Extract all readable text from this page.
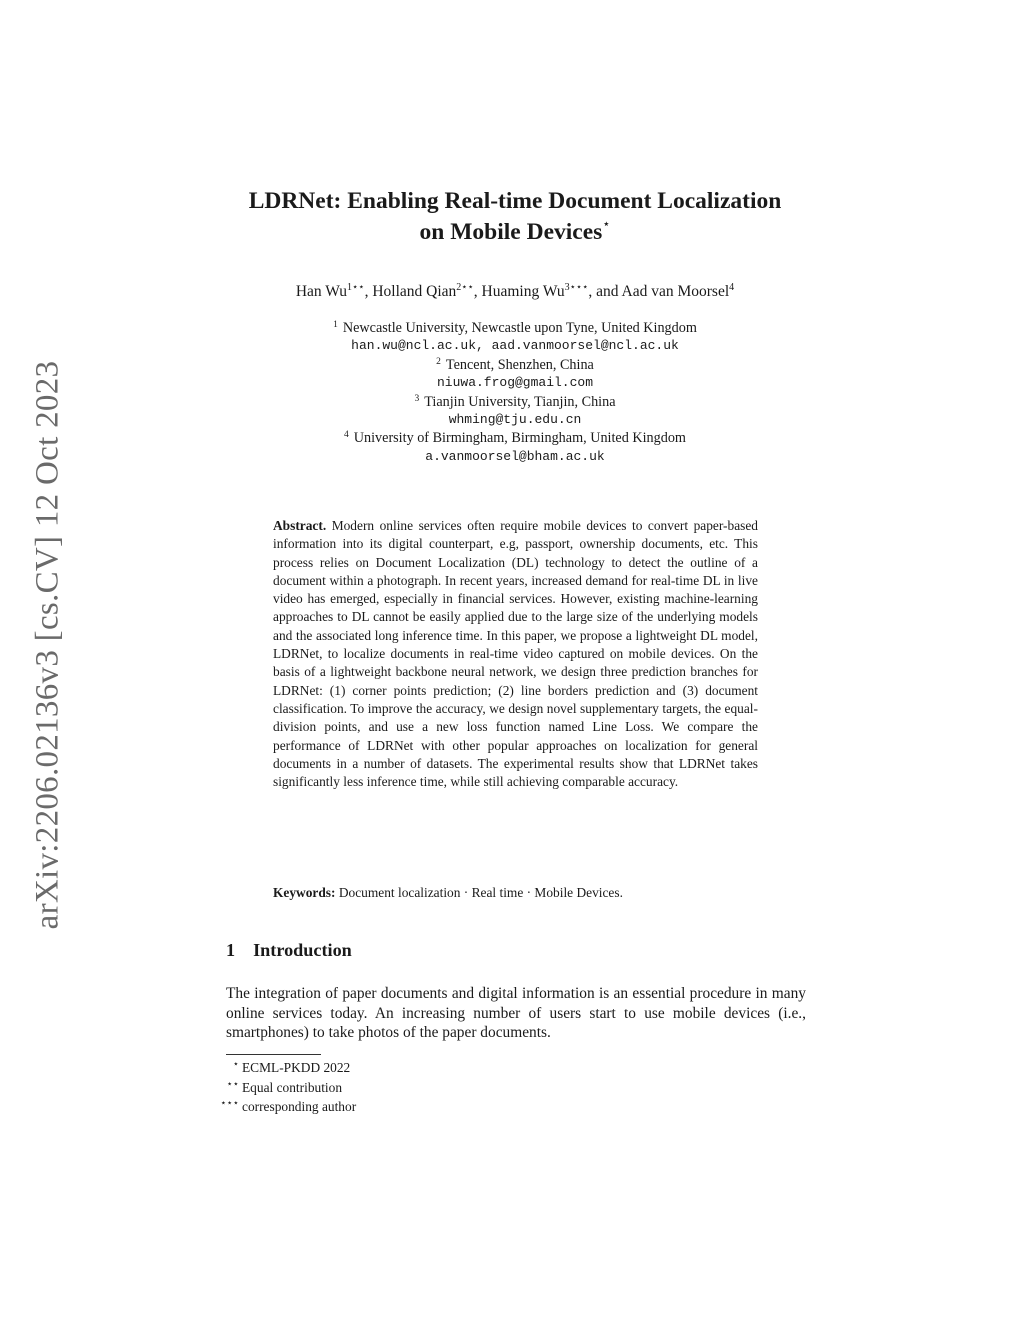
arXiv:2206.02136v3 [cs.CV] 12 Oct 2023
LDRNet: Enabling Real-time Document Localization
on Mobile Devices⋆
Han $Wu^{1⋆⋆}$, Holland Qian$^{2⋆⋆}$, Huaming $Wu^{3⋆⋆⋆}$, and Aad van Moorsel$^4$
$^1$ Newcastle University, Newcastle upon Tyne, United Kingdom
han.wu@ncl.ac.uk, aad.vanmoorsel@ncl.ac.uk
$^2$ Tencent, Shenzhen, China
niuwa.frog@gmail.com
$^3$ Tianjin University, Tianjin, China
whming@tju.edu.cn
$^4$ University of Birmingham, Birmingham, United Kingdom
a.vanmoorsel@bham.ac.uk
Abstract. Modern online services often require mobile devices to convert paper-based information into its digital counterpart, e.g, passport, ownership documents, etc. This process relies on Document Localization (DL) technology to detect the outline of a document within a photograph. In recent years, increased demand for real-time DL in live video has emerged, especially in financial services. However, existing machine-learning approaches to DL cannot be easily applied due to the large size of the underlying models and the associated long inference time. In this paper, we propose a lightweight DL model, LDRNet, to localize documents in real-time video captured on mobile devices. On the basis of a lightweight backbone neural network, we design three prediction branches for LDRNet: (1) corner points prediction; (2) line borders prediction and (3) document classification. To improve the accuracy, we design novel supplementary targets, the equal-division points, and use a new loss function named Line Loss. We compare the performance of LDRNet with other popular approaches on localization for general documents in a number of datasets. The experimental results show that LDRNet takes significantly less inference time, while still achieving comparable accuracy.
Keywords: Document localization · Real time · Mobile Devices.
1 Introduction
The integration of paper documents and digital information is an essential procedure in many online services today. An increasing number of users start to use mobile devices (i.e., smartphones) to take photos of the paper documents.
⋆ ECML-PKDD 2022
⋆⋆ Equal contribution
⋆⋆⋆ corresponding author
